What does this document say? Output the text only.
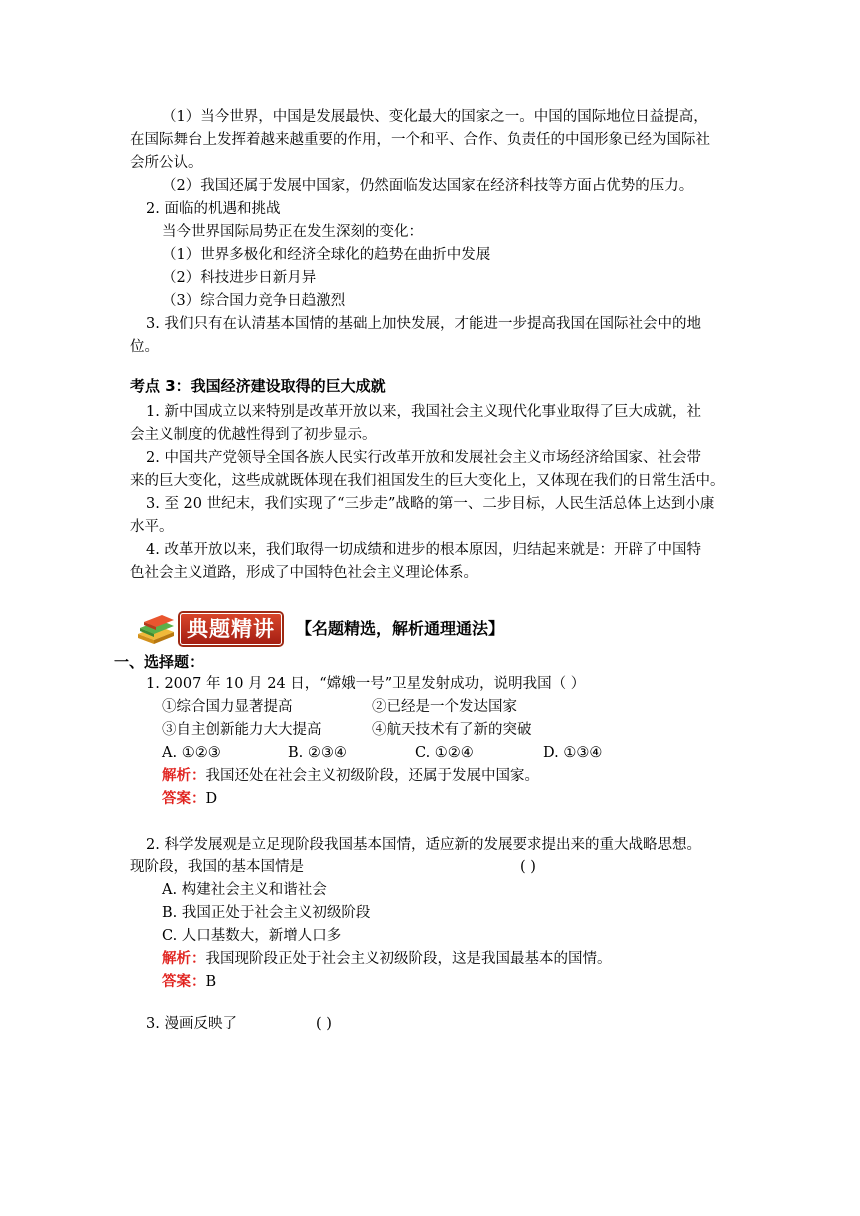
（1）当今世界，中国是发展最快、变化最大的国家之一。中国的国际地位日益提高，
在国际舞台上发挥着越来越重要的作用，一个和平、合作、负责任的中国形象已经为国际社
会所公认。
（2）我国还属于发展中国家，仍然面临发达国家在经济科技等方面占优势的压力。
2. 面临的机遇和挑战
当今世界国际局势正在发生深刻的变化：
（1）世界多极化和经济全球化的趋势在曲折中发展
（2）科技进步日新月异
（3）综合国力竞争日趋激烈
3. 我们只有在认清基本国情的基础上加快发展，才能进一步提高我国在国际社会中的地
位。
考点 3：我国经济建设取得的巨大成就
1. 新中国成立以来特别是改革开放以来，我国社会主义现代化事业取得了巨大成就，社
会主义制度的优越性得到了初步显示。
2. 中国共产党领导全国各族人民实行改革开放和发展社会主义市场经济给国家、社会带
来的巨大变化，这些成就既体现在我们祖国发生的巨大变化上，又体现在我们的日常生活中。
3. 至 20 世纪末，我们实现了“三步走”战略的第一、二步目标，人民生活总体上达到小康
水平。
4. 改革开放以来，我们取得一切成绩和进步的根本原因，归结起来就是：开辟了中国特
色社会主义道路，形成了中国特色社会主义理论体系。
典题精讲	【名题精选，解析通理通法】
一、选择题：
1. 2007 年 10 月 24 日，“嫦娥一号”卫星发射成功，说明我国（ ）
①综合国力显著提高	②已经是一个发达国家
③自主创新能力大大提高	④航天技术有了新的突破
A. ①②③	B. ②③④	C. ①②④	D. ①③④
解析：我国还处在社会主义初级阶段，还属于发展中国家。
答案：D
2. 科学发展观是立足现阶段我国基本国情，适应新的发展要求提出来的重大战略思想。
现阶段，我国的基本国情是	( )
A. 构建社会主义和谐社会
B. 我国正处于社会主义初级阶段
C. 人口基数大，新增人口多
解析：我国现阶段正处于社会主义初级阶段，这是我国最基本的国情。
答案：B
3. 漫画反映了	( )
